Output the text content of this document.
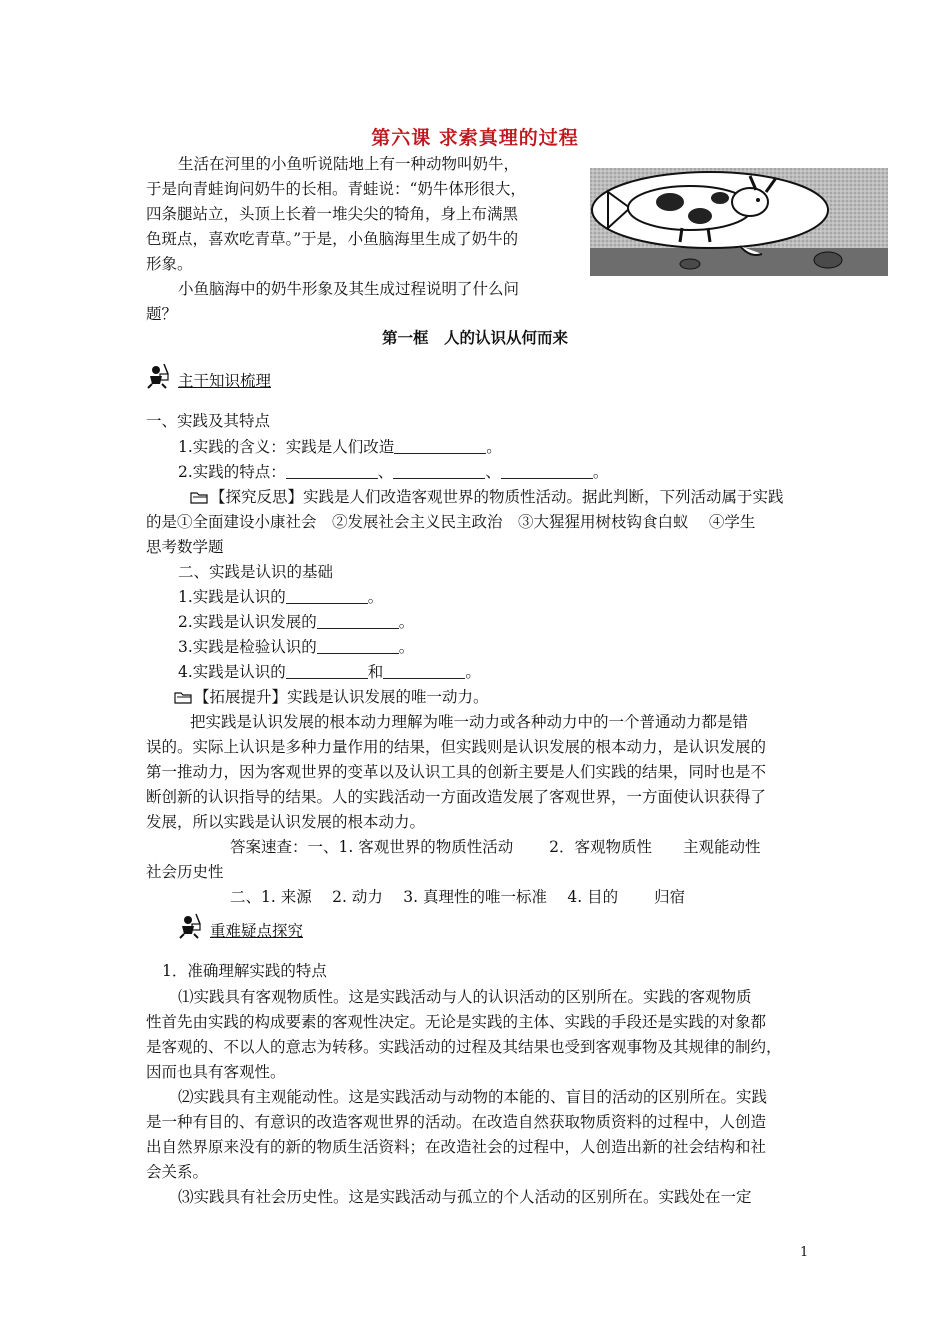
第六课 求索真理的过程
生活在河里的小鱼听说陆地上有一种动物叫奶牛，
于是向青蛙询问奶牛的长相。青蛙说：“奶牛体形很大，
四条腿站立，头顶上长着一堆尖尖的犄角，身上布满黑
色斑点，喜欢吃青草。”于是，小鱼脑海里生成了奶牛的
形象。
小鱼脑海中的奶牛形象及其生成过程说明了什么问
题？
第一框　人的认识从何而来
主干知识梳理
一、实践及其特点
1.实践的含义：实践是人们改造	。
2.实践的特点：	、	、	。
【探究反思】实践是人们改造客观世界的物质性活动。据此判断，下列活动属于实践
的是①全面建设小康社会　②发展社会主义民主政治　③大猩猩用树枝钩食白蚁　 ④学生
思考数学题
二、实践是认识的基础
1.实践是认识的	。
2.实践是认识发展的	。
3.实践是检验认识的	。
4.实践是认识的	和	。
【拓展提升】实践是认识发展的唯一动力。
把实践是认识发展的根本动力理解为唯一动力或各种动力中的一个普通动力都是错
误的。实际上认识是多种力量作用的结果，但实践则是认识发展的根本动力，是认识发展的
第一推动力，因为客观世界的变革以及认识工具的创新主要是人们实践的结果，同时也是不
断创新的认识指导的结果。人的实践活动一方面改造发展了客观世界，一方面使认识获得了
发展，所以实践是认识发展的根本动力。
答案速查：一、1. 客观世界的物质性活动　　 2．客观物质性　　主观能动性
社会历史性
二、1. 来源　 2. 动力　 3. 真理性的唯一标准　 4. 目的　　 归宿
重难疑点探究
1．准确理解实践的特点
⑴实践具有客观物质性。这是实践活动与人的认识活动的区别所在。实践的客观物质
性首先由实践的构成要素的客观性决定。无论是实践的主体、实践的手段还是实践的对象都
是客观的、不以人的意志为转移。实践活动的过程及其结果也受到客观事物及其规律的制约，
因而也具有客观性。
⑵实践具有主观能动性。这是实践活动与动物的本能的、盲目的活动的区别所在。实践
是一种有目的、有意识的改造客观世界的活动。在改造自然获取物质资料的过程中，人创造
出自然界原来没有的新的物质生活资料；在改造社会的过程中，人创造出新的社会结构和社
会关系。
⑶实践具有社会历史性。这是实践活动与孤立的个人活动的区别所在。实践处在一定
1
